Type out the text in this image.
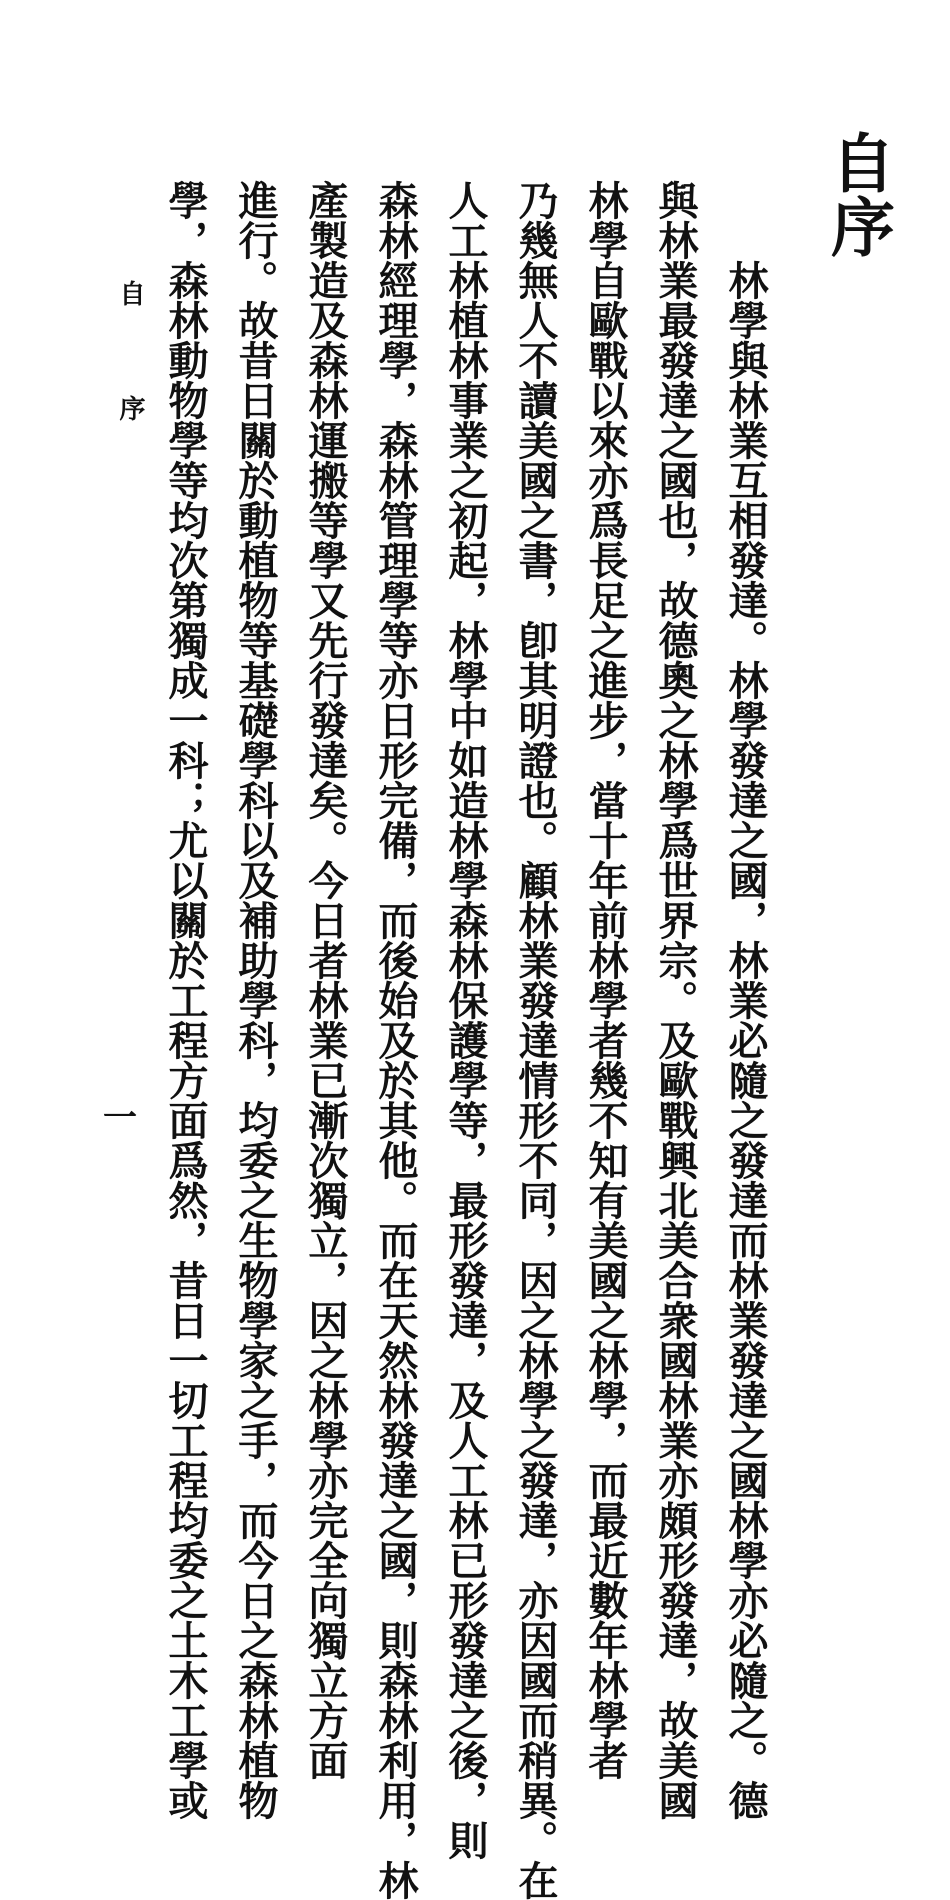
自序
林學與林業互相發達。林學發達之國，林業必隨之發達而林業發達之國林學亦必隨之。德
與林業最發達之國也，故德奧之林學爲世界宗。及歐戰興北美合衆國林業亦頗形發達，故美國
林學自歐戰以來亦爲長足之進步，當十年前林學者幾不知有美國之林學，而最近數年林學者
乃幾無人不讀美國之書，卽其明證也。顧林業發達情形不同，因之林學之發達，亦因國而稍異。在
人工林植林事業之初起，林學中如造林學森林保護學等，最形發達，及人工林已形發達之後，則
森林經理學，森林管理學等亦日形完備，而後始及於其他。而在天然林發達之國，則森林利用，林
產製造及森林運搬等學又先行發達矣。今日者林業已漸次獨立，因之林學亦完全向獨立方面
進行。故昔日關於動植物等基礎學科以及補助學科，均委之生物學家之手，而今日之森林植物
學，森林動物學等均次第獨成一科；尤以關於工程方面爲然，昔日一切工程均委之土木工學或
自 序
一
